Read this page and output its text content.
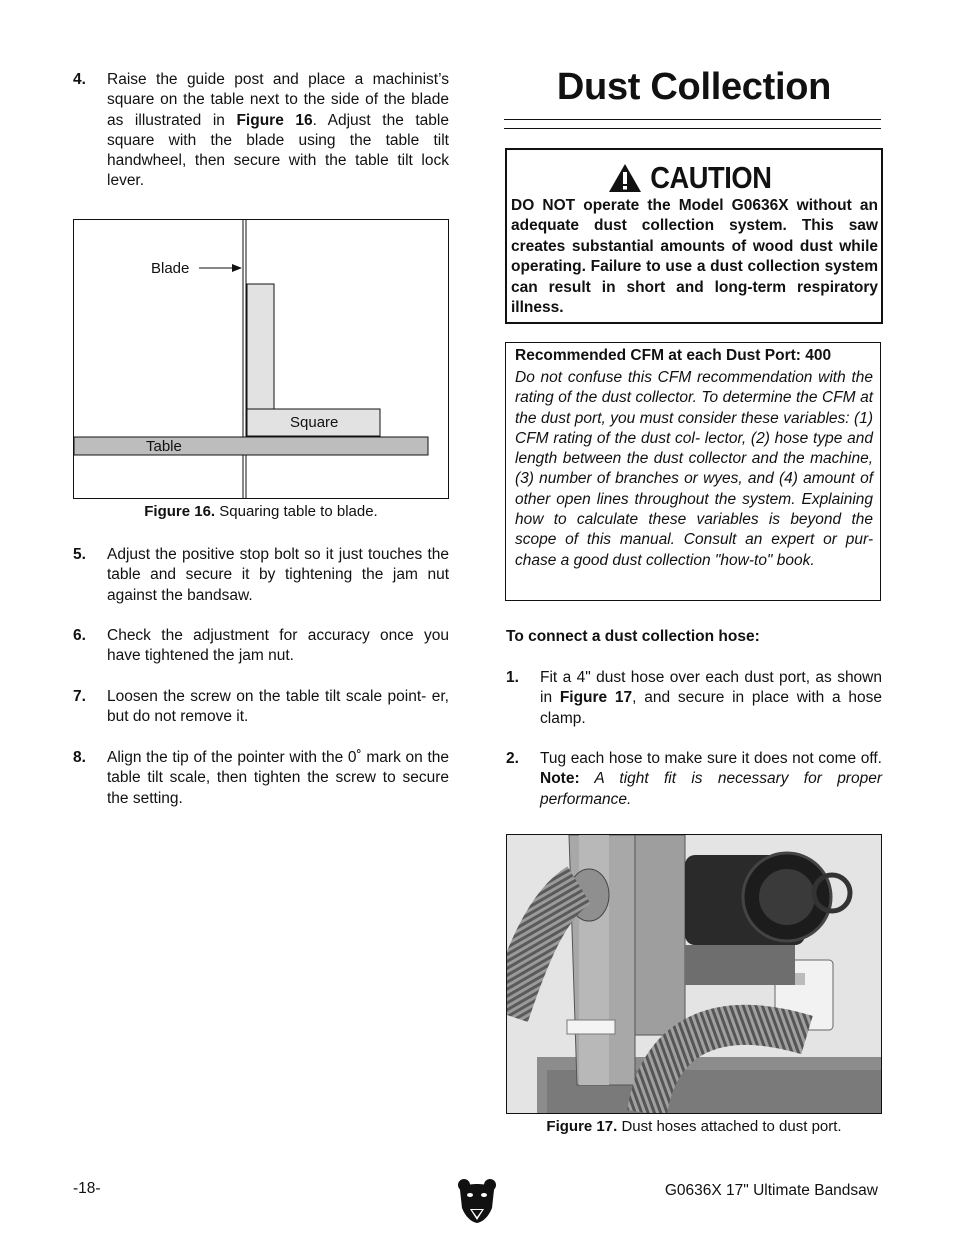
4. Raise the guide post and place a machinist’s square on the table next to the side of the blade as illustrated in Figure 16. Adjust the table square with the blade using the table tilt handwheel, then secure with the table tilt lock lever.
Blade
Square
Table
Figure 16. Squaring table to blade.
5. Adjust the positive stop bolt so it just touches the table and secure it by tightening the jam nut against the bandsaw.
6. Check the adjustment for accuracy once you have tightened the jam nut.
7. Loosen the screw on the table tilt scale point- er, but do not remove it.
8. Align the tip of the pointer with the 0˚ mark on the table tilt scale, then tighten the screw to secure the setting.
Dust Collection
CAUTION
DO NOT operate the Model G0636X without an adequate dust collection system. This saw creates substantial amounts of wood dust while operating. Failure to use a dust collection system can result in short and long-term respiratory illness.
Recommended CFM at each Dust Port: 400
Do not confuse this CFM recommendation with the rating of the dust collector. To determine the CFM at the dust port, you must consider these variables: (1) CFM rating of the dust col- lector, (2) hose type and length between the dust collector and the machine, (3) number of branches or wyes, and (4) amount of other open lines throughout the system. Explaining how to calculate these variables is beyond the scope of this manual. Consult an expert or pur- chase a good dust collection "how-to" book.
To connect a dust collection hose:
1. Fit a 4" dust hose over each dust port, as shown in Figure 17, and secure in place with a hose clamp.
2. Tug each hose to make sure it does not come off. Note: A tight fit is necessary for proper performance.
Figure 17. Dust hoses attached to dust port.
-18-	G0636X 17" Ultimate Bandsaw
